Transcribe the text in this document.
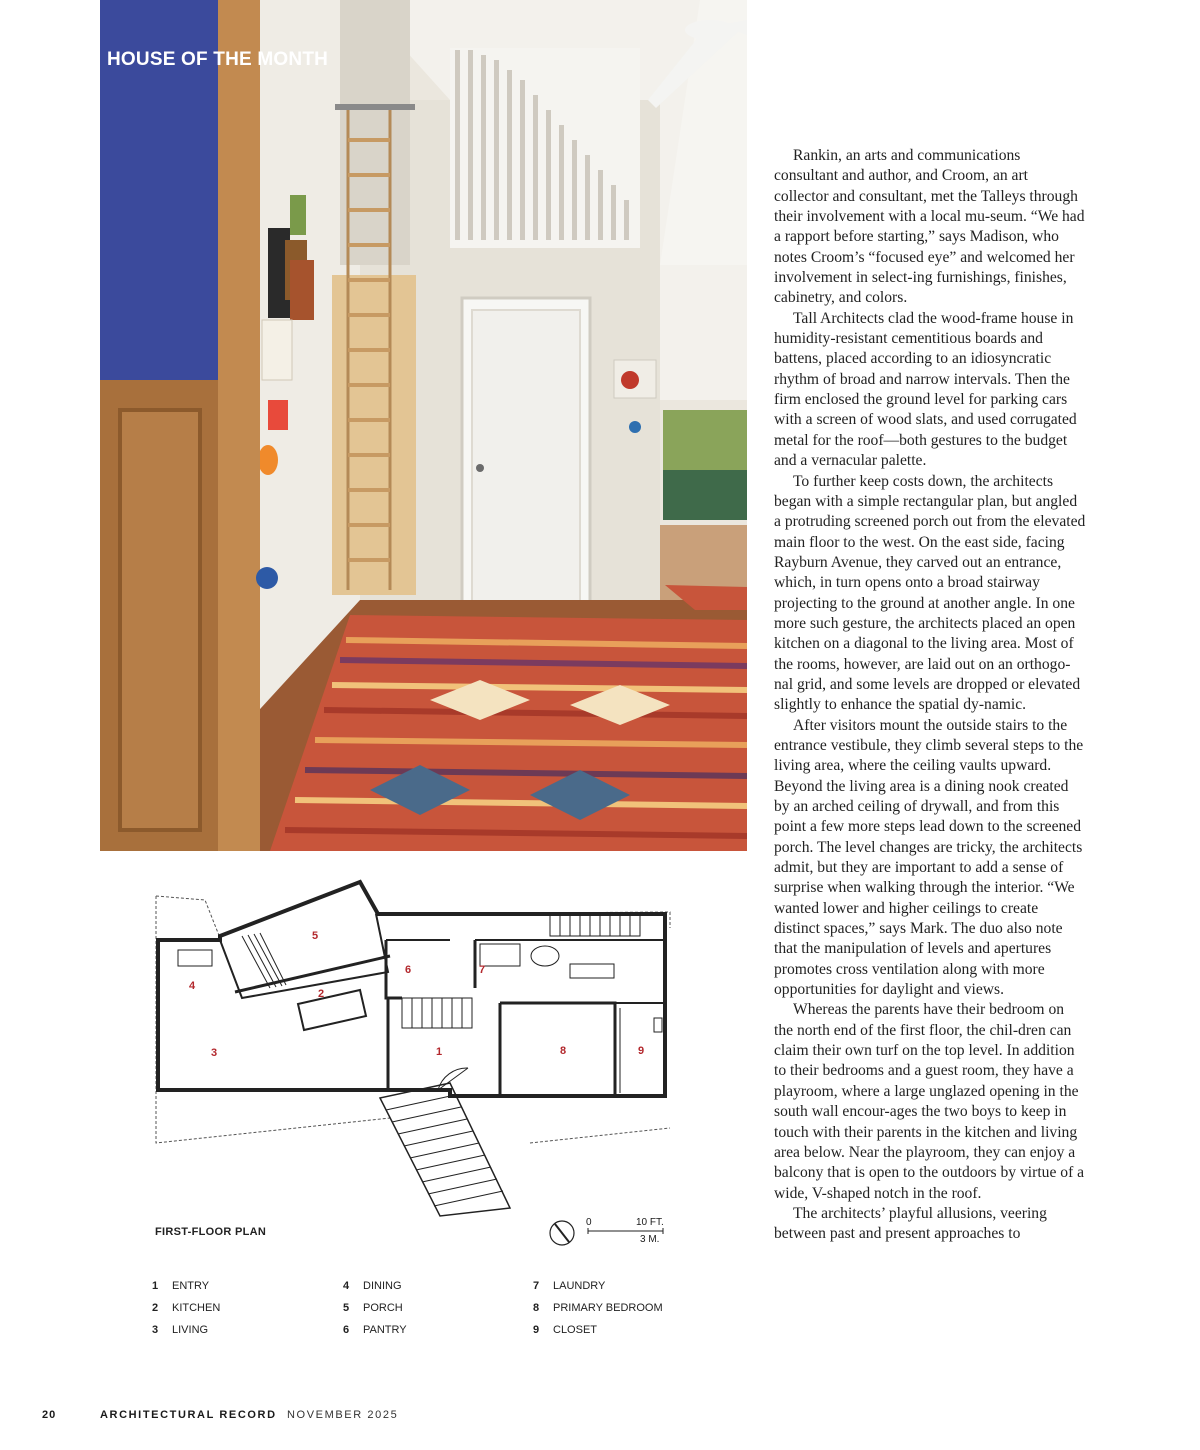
HOUSE OF THE MONTH

Rankin, an arts and communications consultant and author, and Croom, an art collector and consultant, met the Talleys through their involvement with a local mu-seum. “We had a rapport before starting,” says Madison, who notes Croom’s “focused eye” and welcomed her involvement in select-ing furnishings, finishes, cabinetry, and colors.

Tall Architects clad the wood-frame house in humidity-resistant cementitious boards and battens, placed according to an idiosyncratic rhythm of broad and narrow intervals. Then the firm enclosed the ground level for parking cars with a screen of wood slats, and used corrugated metal for the roof—both gestures to the budget and a vernacular palette.

To further keep costs down, the architects began with a simple rectangular plan, but angled a protruding screened porch out from the elevated main floor to the west. On the east side, facing Rayburn Avenue, they carved out an entrance, which, in turn opens onto a broad stairway projecting to the ground at another angle. In one more such gesture, the architects placed an open kitchen on a diagonal to the living area. Most of the rooms, however, are laid out on an orthogo-nal grid, and some levels are dropped or elevated slightly to enhance the spatial dy-namic.

After visitors mount the outside stairs to the entrance vestibule, they climb several steps to the living area, where the ceiling vaults upward. Beyond the living area is a dining nook created by an arched ceiling of drywall, and from this point a few more steps lead down to the screened porch. The level changes are tricky, the architects admit, but they are important to add a sense of surprise when walking through the interior. “We wanted lower and higher ceilings to create distinct spaces,” says Mark. The duo also note that the manipulation of levels and apertures promotes cross ventilation along with more opportunities for daylight and views.

Whereas the parents have their bedroom on the north end of the first floor, the chil-dren can claim their own turf on the top level. In addition to their bedrooms and a guest room, they have a playroom, where a large unglazed opening in the south wall encour-ages the two boys to keep in touch with their parents in the kitchen and living area below. Near the playroom, they can enjoy a balcony that is open to the outdoors by virtue of a wide, V-shaped notch in the roof.

The architects’ playful allusions, veering between past and present approaches to

1
2
3
4
5
6	7
8	9
FIRST-FLOOR PLAN
0	10 FT.
3 M.
1 ENTRY
2 KITCHEN
3 LIVING
4 DINING
5 PORCH
6 PANTRY
7 LAUNDRY
8 PRIMARY BEDROOM
9 CLOSET
20	ARCHITECTURAL RECORD NOVEMBER 2025
